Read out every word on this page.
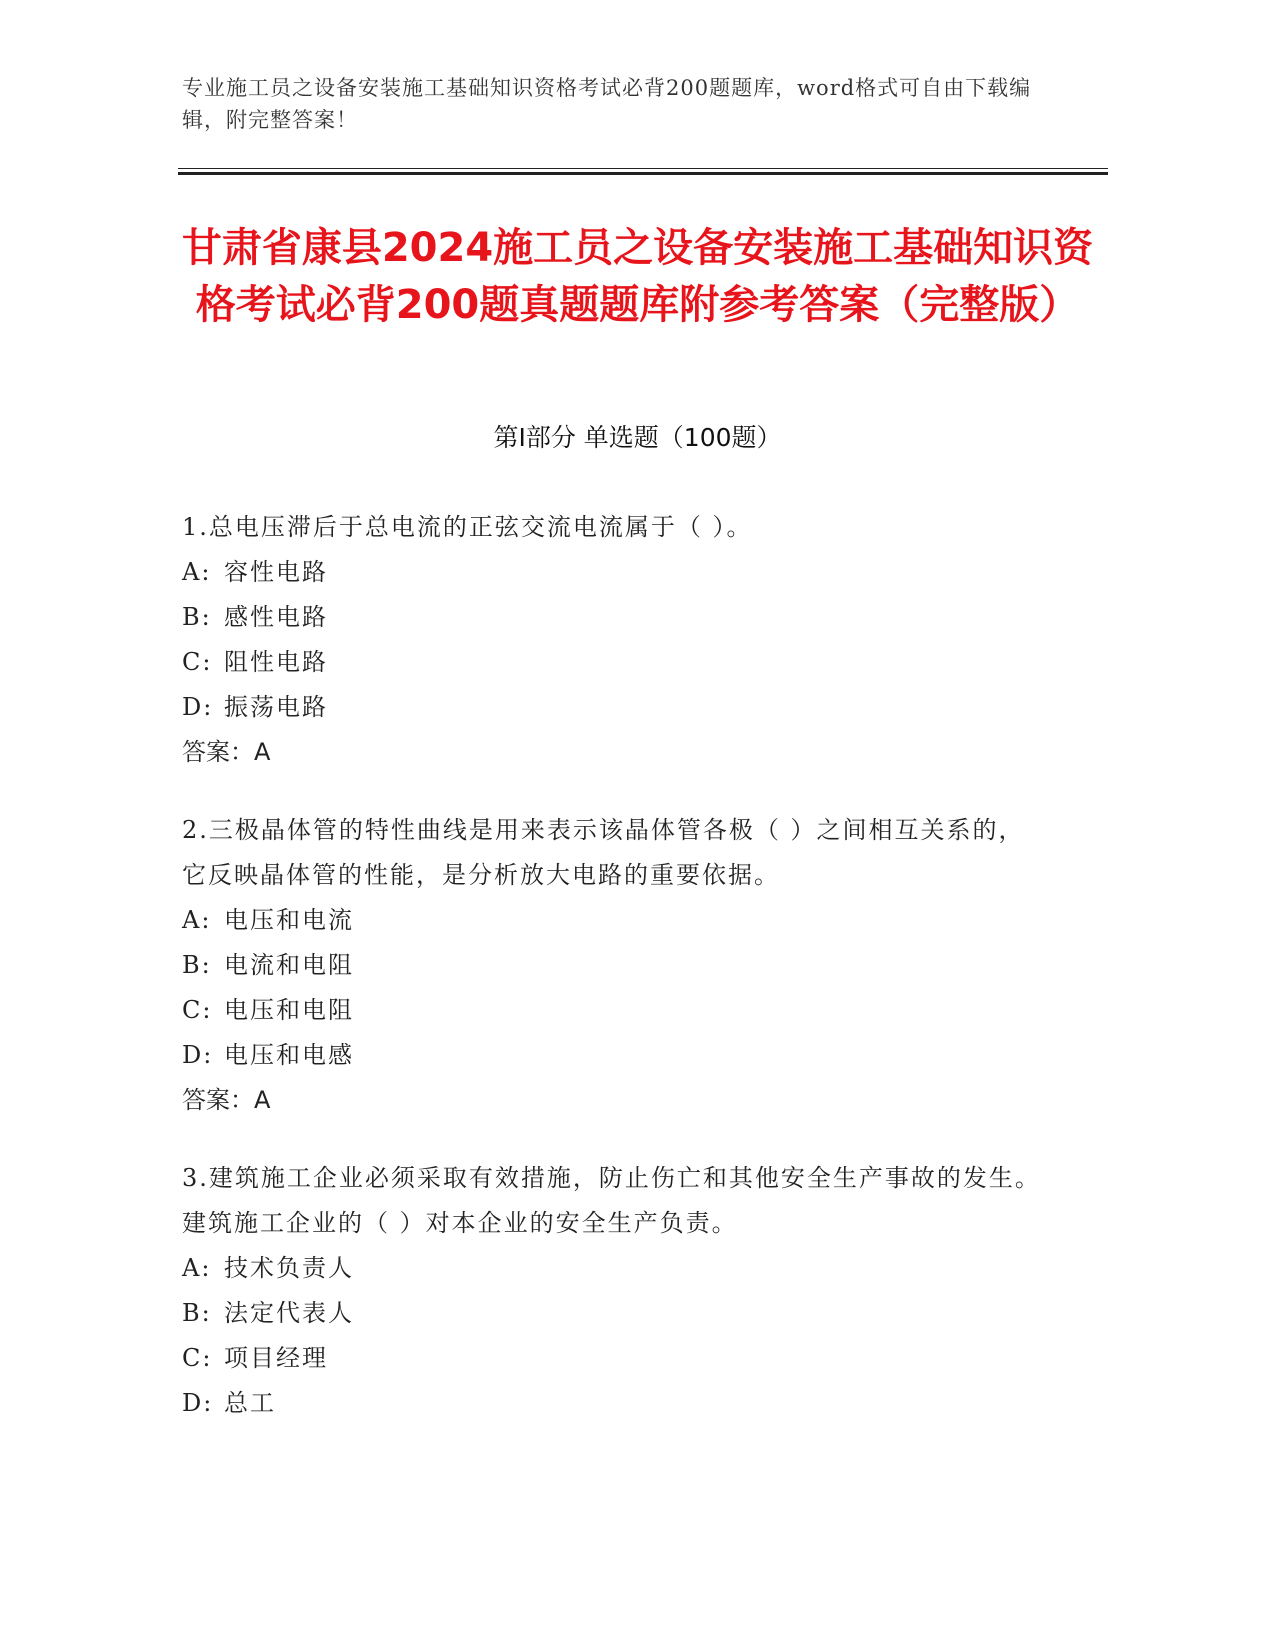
专业施工员之设备安装施工基础知识资格考试必背200题题库，word格式可自由下载编辑，附完整答案！
甘肃省康县2024施工员之设备安装施工基础知识资格考试必背200题真题题库附参考答案（完整版）
第I部分 单选题（100题）
1.总电压滞后于总电流的正弦交流电流属于（ ）。
A: 容性电路
B: 感性电路
C: 阻性电路
D: 振荡电路
答案：A
2.三极晶体管的特性曲线是用来表示该晶体管各极（ ）之间相互关系的，它反映晶体管的性能，是分析放大电路的重要依据。
A: 电压和电流
B: 电流和电阻
C: 电压和电阻
D: 电压和电感
答案：A
3.建筑施工企业必须采取有效措施，防止伤亡和其他安全生产事故的发生。建筑施工企业的（ ）对本企业的安全生产负责。
A: 技术负责人
B: 法定代表人
C: 项目经理
D: 总工
